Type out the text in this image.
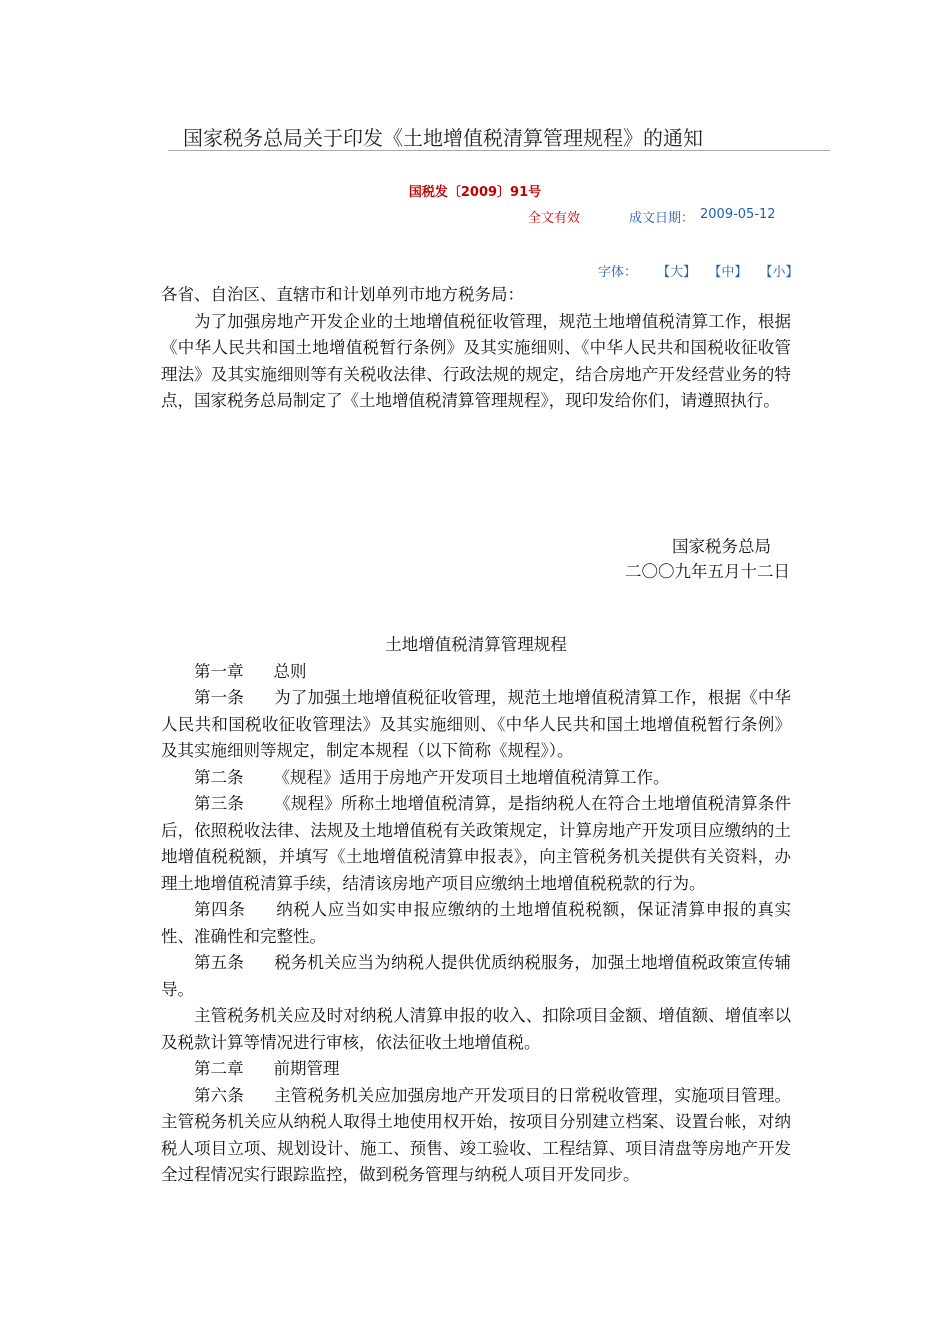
国家税务总局关于印发《土地增值税清算管理规程》的通知
国税发〔2009〕91号
全文有效	成文日期： 2009-05-12
字体： 【大】 【中】 【小】

各省、自治区、直辖市和计划单列市地方税务局：

为了加强房地产开发企业的土地增值税征收管理，规范土地增值税清算工作，根据《中华人民共和国土地增值税暂行条例》及其实施细则、《中华人民共和国税收征收管理法》及其实施细则等有关税收法律、行政法规的规定，结合房地产开发经营业务的特点，国家税务总局制定了《土地增值税清算管理规程》，现印发给你们，请遵照执行。

国家税务总局
二〇〇九年五月十二日

土地增值税清算管理规程

第一章 总则

第一条 为了加强土地增值税征收管理，规范土地增值税清算工作，根据《中华人民共和国税收征收管理法》及其实施细则、《中华人民共和国土地增值税暂行条例》及其实施细则等规定，制定本规程（以下简称《规程》）。

第二条 《规程》适用于房地产开发项目土地增值税清算工作。

第三条 《规程》所称土地增值税清算，是指纳税人在符合土地增值税清算条件后，依照税收法律、法规及土地增值税有关政策规定，计算房地产开发项目应缴纳的土地增值税税额，并填写《土地增值税清算申报表》，向主管税务机关提供有关资料，办理土地增值税清算手续，结清该房地产项目应缴纳土地增值税税款的行为。

第四条 纳税人应当如实申报应缴纳的土地增值税税额，保证清算申报的真实性、准确性和完整性。

第五条 税务机关应当为纳税人提供优质纳税服务，加强土地增值税政策宣传辅导。

主管税务机关应及时对纳税人清算申报的收入、扣除项目金额、增值额、增值率以及税款计算等情况进行审核，依法征收土地增值税。

第二章 前期管理

第六条 主管税务机关应加强房地产开发项目的日常税收管理，实施项目管理。主管税务机关应从纳税人取得土地使用权开始，按项目分别建立档案、设置台帐，对纳税人项目立项、规划设计、施工、预售、竣工验收、工程结算、项目清盘等房地产开发全过程情况实行跟踪监控，做到税务管理与纳税人项目开发同步。
